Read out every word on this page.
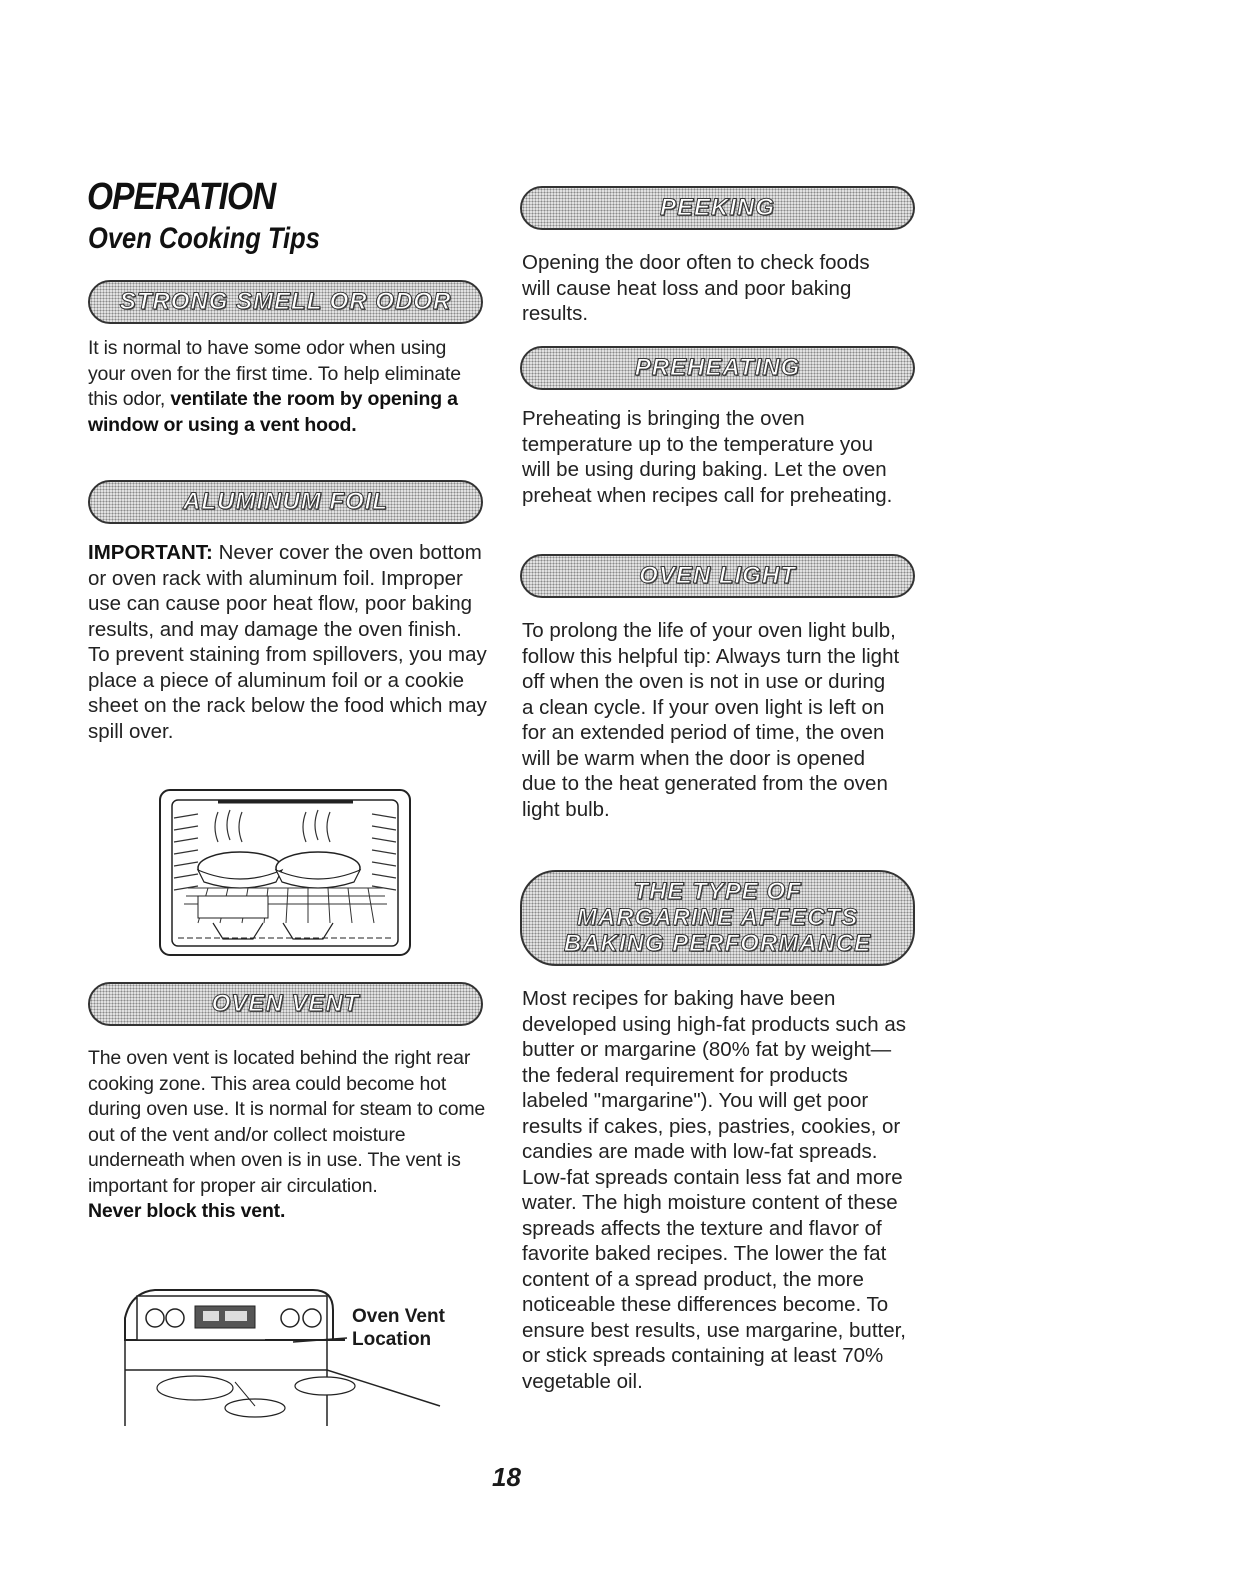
OPERATION
Oven Cooking Tips
STRONG SMELL OR ODOR
It is normal to have some odor when using your oven for the first time. To help eliminate this odor, ventilate the room by opening a window or using a vent hood.
ALUMINUM FOIL
IMPORTANT: Never cover the oven bottom or oven rack with aluminum foil. Improper use can cause poor heat flow, poor baking results, and may damage the oven finish. To prevent staining from spillovers, you may place a piece of aluminum foil or a cookie sheet on the rack below the food which may spill over.
OVEN VENT
The oven vent is located behind the right rear cooking zone. This area could become hot during oven use. It is normal for steam to come out of the vent and/or collect moisture underneath when oven is in use. The vent is important for proper air circulation.
Never block this vent.
Oven Vent
Location
PEEKING
Opening the door often to check foods will cause heat loss and poor baking results.
PREHEATING
Preheating is bringing the oven temperature up to the temperature you will be using during baking. Let the oven preheat when recipes call for preheating.
OVEN LIGHT
To prolong the life of your oven light bulb, follow this helpful tip: Always turn the light off when the oven is not in use or during a clean cycle. If your oven light is left on for an extended period of time, the oven will be warm when the door is opened due to the heat generated from the oven light bulb.
THE TYPE OF
MARGARINE AFFECTS
BAKING PERFORMANCE
Most recipes for baking have been developed using high-fat products such as butter or margarine (80% fat by weight—the federal requirement for products labeled "margarine"). You will get poor results if cakes, pies, pastries, cookies, or candies are made with low-fat spreads. Low-fat spreads contain less fat and more water. The high moisture content of these spreads affects the texture and flavor of favorite baked recipes. The lower the fat content of a spread product, the more noticeable these differences become. To ensure best results, use margarine, butter, or stick spreads containing at least 70% vegetable oil.
18
